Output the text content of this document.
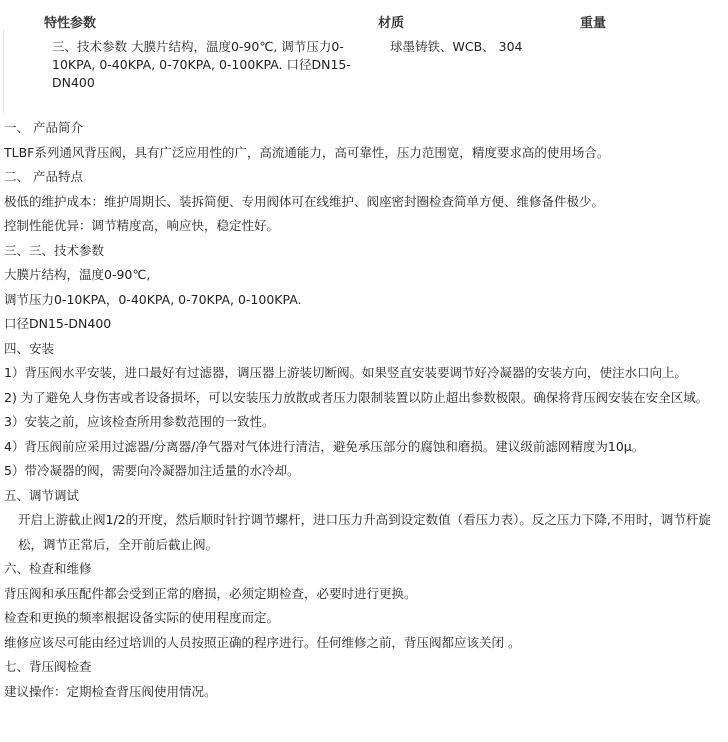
特性参数	材质	重量
三、技术参数 大膜片结构，温度0-90℃, 调节压力0-10KPA, 0-40KPA, 0-70KPA, 0-100KPA. 口径DN15-DN400
球墨铸铁、WCB、 304
一、 产品简介
TLBF系列通风背压阀，具有广泛应用性的广，高流通能力，高可靠性，压力范围宽，精度要求高的使用场合。
二、 产品特点
极低的维护成本：维护周期长、装拆简便、专用阀体可在线维护、阀座密封圈检查简单方便、维修备件极少。
控制性能优异：调节精度高，响应快，稳定性好。
三、三、技术参数
大膜片结构，温度0-90℃,
调节压力0-10KPA，0-40KPA, 0-70KPA, 0-100KPA.
口径DN15-DN400
四、安装
1）背压阀水平安装，进口最好有过滤器，调压器上游装切断阀。如果竖直安装要调节好冷凝器的安装方向，使注水口向上。
2) 为了避免人身伤害或者设备损坏，可以安装压力放散或者压力限制装置以防止超出参数极限。确保将背压阀安装在安全区域。
3）安装之前，应该检查所用参数范围的一致性。
4）背压阀前应采用过滤器/分离器/净气器对气体进行清洁，避免承压部分的腐蚀和磨损。建议级前滤网精度为10μ。
5）带冷凝器的阀，需要向冷凝器加注适量的水冷却。
五、调节调试
开启上游截止阀1/2的开度，然后顺时针拧调节螺杆，进口压力升高到设定数值（看压力表）。反之压力下降,不用时，调节杆旋松，调节正常后，全开前后截止阀。
六、检查和维修
背压阀和承压配件都会受到正常的磨损，必须定期检查，必要时进行更换。
检查和更换的频率根据设备实际的使用程度而定。
维修应该尽可能由经过培训的人员按照正确的程序进行。任何维修之前，背压阀都应该关闭 。
七、背压阀检查
建议操作：定期检查背压阀使用情况。
